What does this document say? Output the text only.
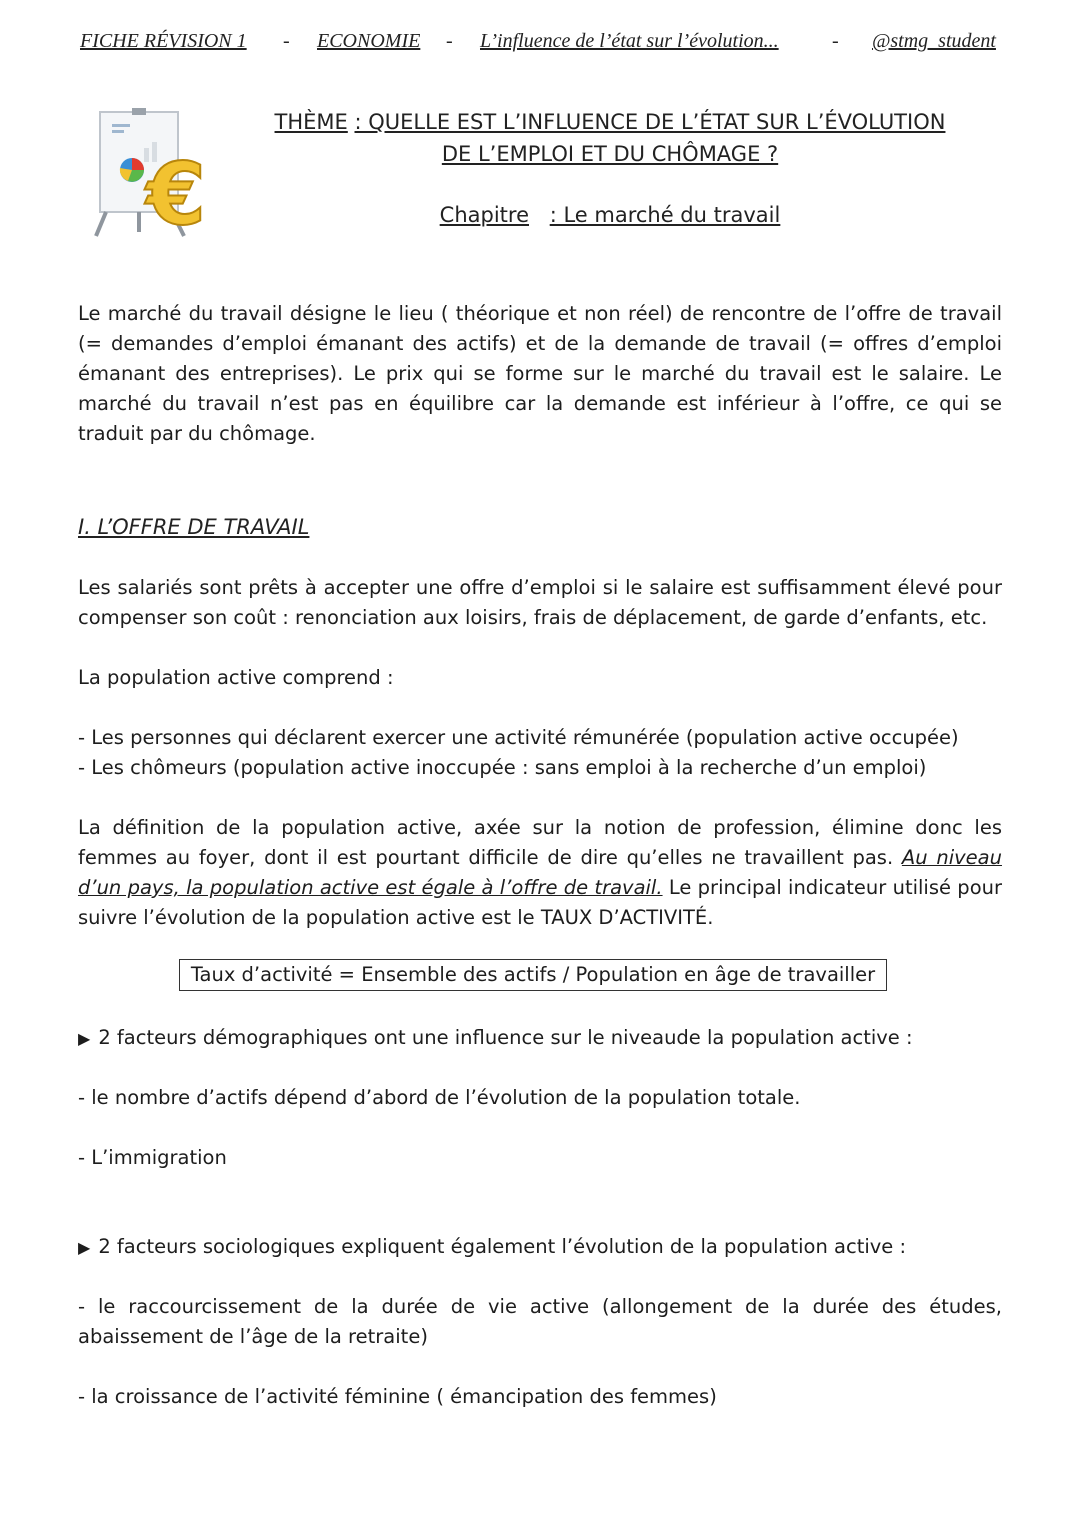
FICHE RÉVISION 1 - ECONOMIE - L’influence de l’état sur l’évolution...	- @stmg_student
€
THÈME : QUELLE EST L’INFLUENCE DE L’ÉTAT SUR L’ÉVOLUTION
DE L’EMPLOI ET DU CHÔMAGE ?
Chapitre : Le marché du travail

Le marché du travail désigne le lieu ( théorique et non réel) de rencontre de l’offre de travail (= demandes d’emploi émanant des actifs) et de la demande de travail (= offres d’emploi émanant des entreprises). Le prix qui se forme sur le marché du travail est le salaire. Le marché du travail n’est pas en équilibre car la demande est inférieur à l’offre, ce qui se traduit par du chômage.

I. L’OFFRE DE TRAVAIL

Les salariés sont prêts à accepter une offre d’emploi si le salaire est suffisamment élevé pour compenser son coût : renonciation aux loisirs, frais de déplacement, de garde d’enfants, etc.

La population active comprend :
- Les personnes qui déclarent exercer une activité rémunérée (population active occupée)
- Les chômeurs (population active inoccupée : sans emploi à la recherche d’un emploi)

La définition de la population active, axée sur la notion de profession, élimine donc les femmes au foyer, dont il est pourtant difficile de dire qu’elles ne travaillent pas. Au niveau d’un pays, la population active est égale à l’offre de travail. Le principal indicateur utilisé pour suivre l’évolution de la population active est le TAUX D’ACTIVITÉ.

Taux d’activité = Ensemble des actifs / Population en âge de travailler
▶ 2 facteurs démographiques ont une influence sur le niveaude la population active :
- le nombre d’actifs dépend d’abord de l’évolution de la population totale.
- L’immigration
▶ 2 facteurs sociologiques expliquent également l’évolution de la population active :

- le raccourcissement de la durée de vie active (allongement de la durée des études, abaissement de l’âge de la retraite)

- la croissance de l’activité féminine ( émancipation des femmes)
